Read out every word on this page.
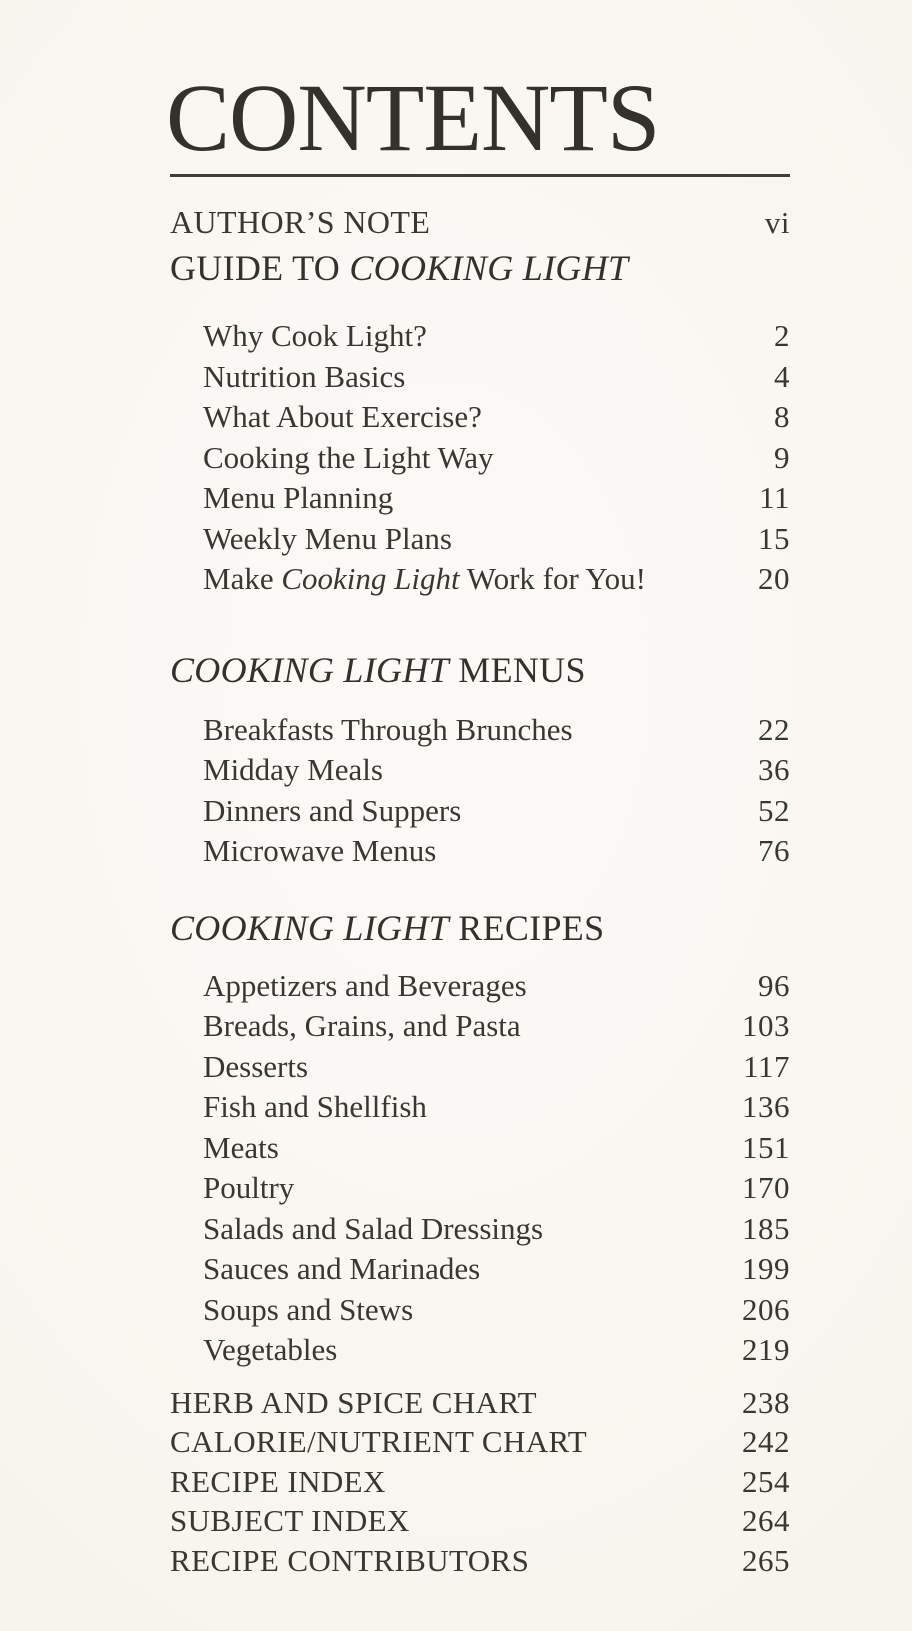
CONTENTS
AUTHOR’S NOTE	vi
GUIDE TO COOKING LIGHT
Why Cook Light?	2
Nutrition Basics	4
What About Exercise?	8
Cooking the Light Way	9
Menu Planning	11
Weekly Menu Plans	15
Make Cooking Light Work for You!	20
COOKING LIGHT MENUS
Breakfasts Through Brunches	22
Midday Meals	36
Dinners and Suppers	52
Microwave Menus	76
COOKING LIGHT RECIPES
Appetizers and Beverages	96
Breads, Grains, and Pasta	103
Desserts	117
Fish and Shellfish	136
Meats	151
Poultry	170
Salads and Salad Dressings	185
Sauces and Marinades	199
Soups and Stews	206
Vegetables	219
HERB AND SPICE CHART	238
CALORIE/NUTRIENT CHART	242
RECIPE INDEX	254
SUBJECT INDEX	264
RECIPE CONTRIBUTORS	265
